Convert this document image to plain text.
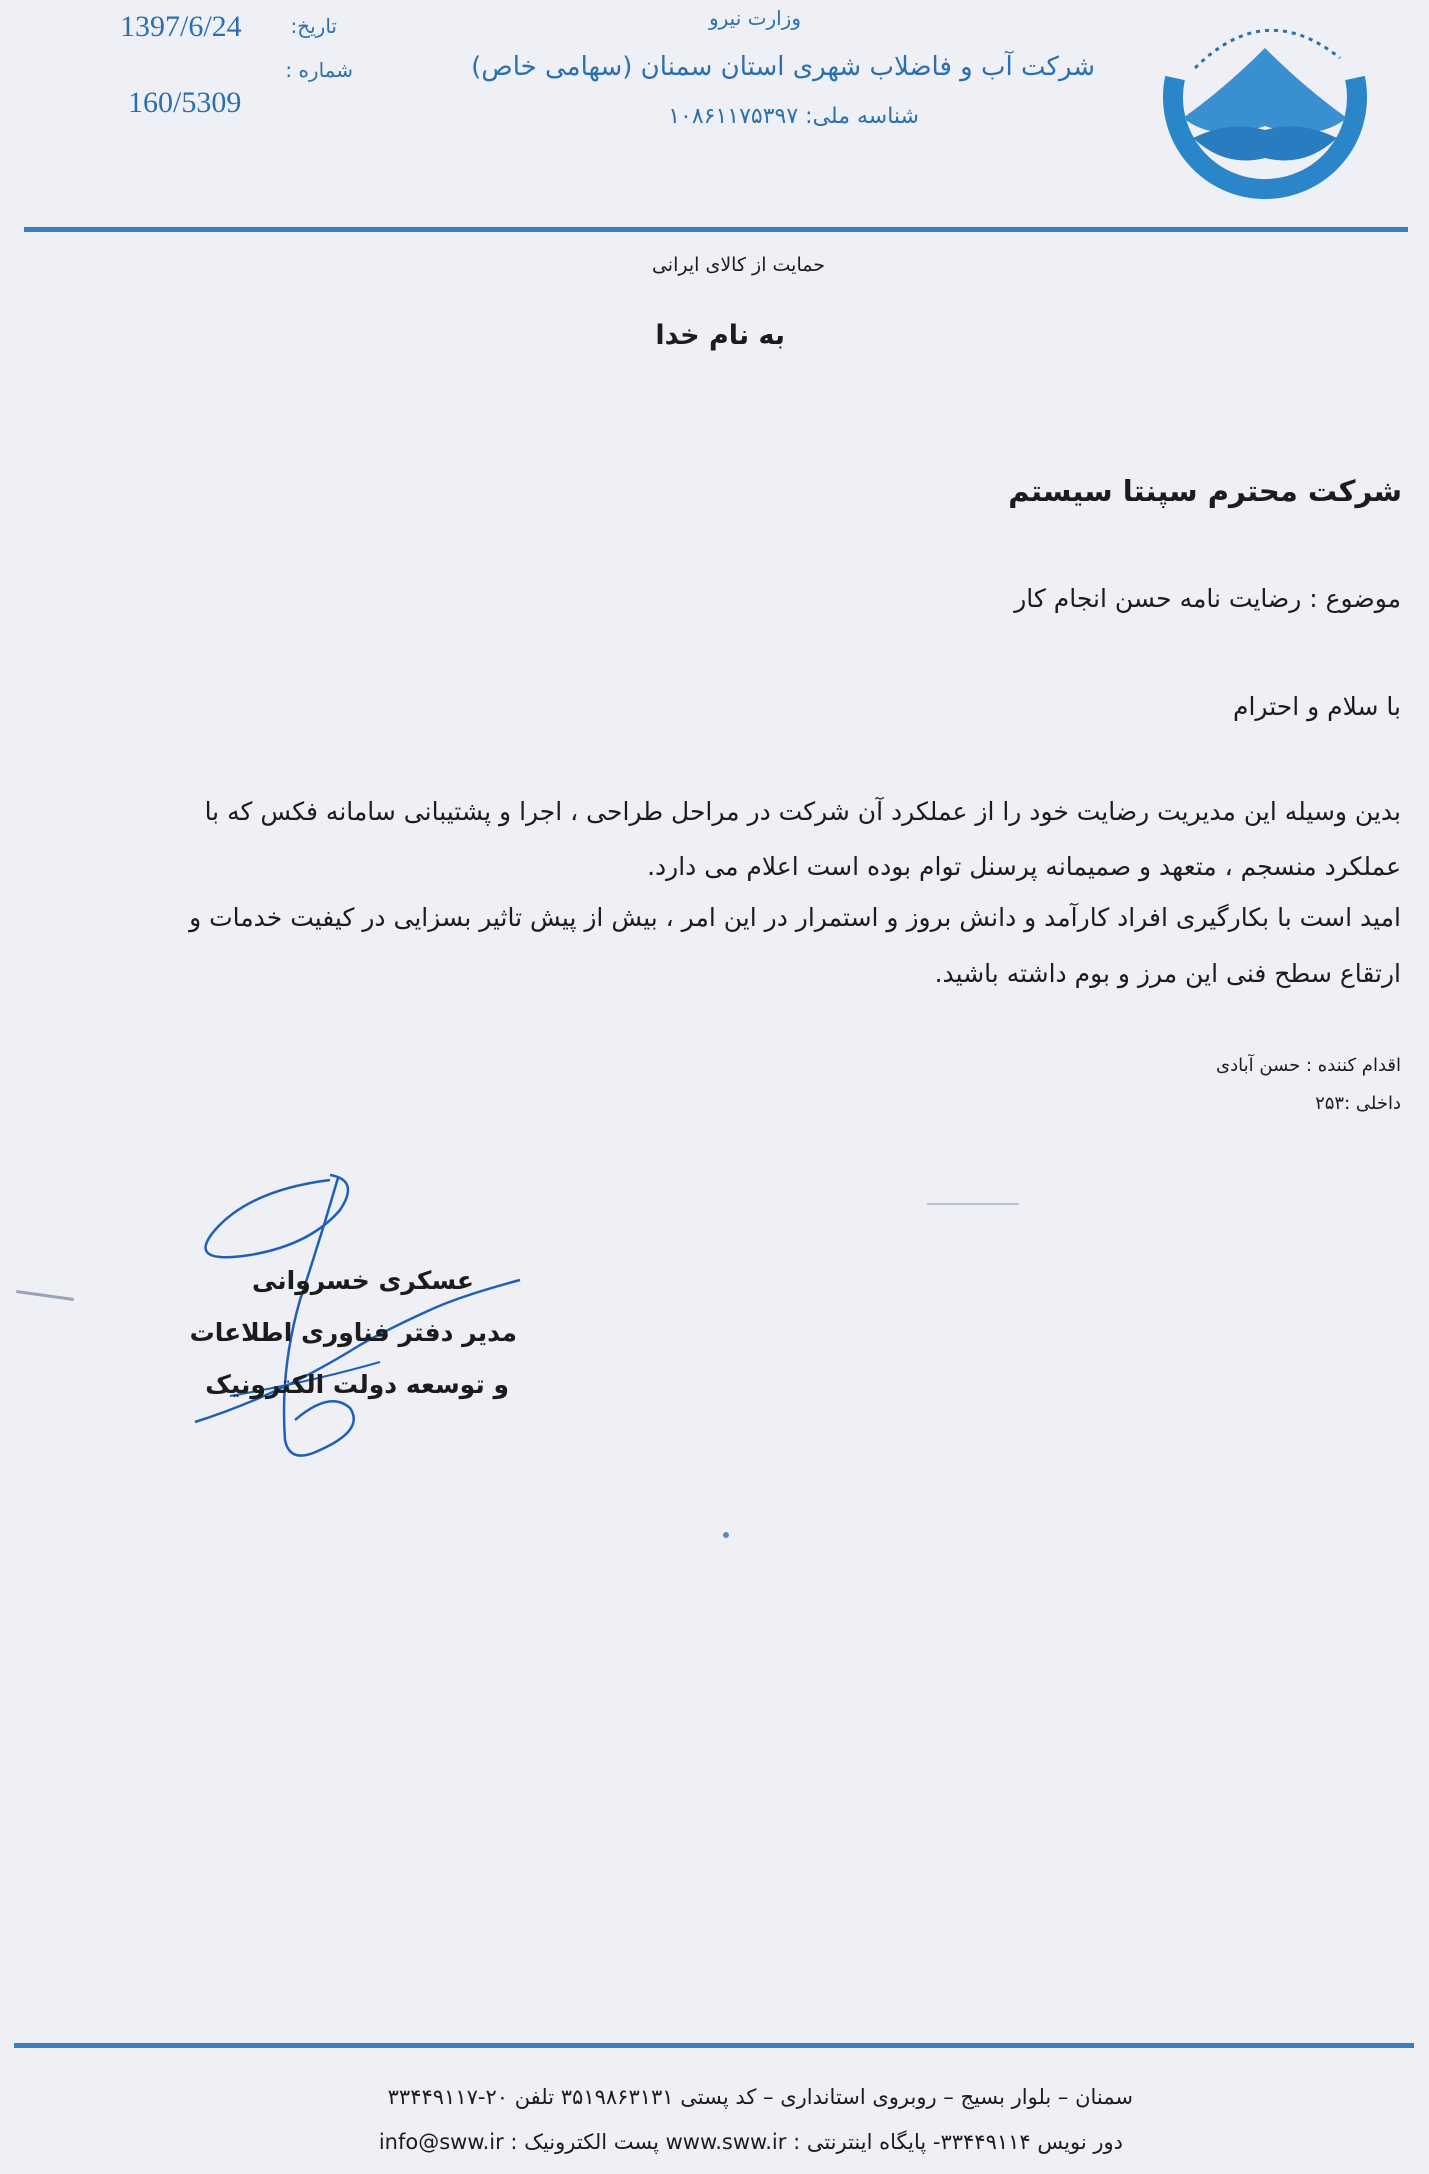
وزارت نیرو
شرکت آب و فاضلاب شهری استان سمنان (سهامی خاص)
شناسه ملی: ۱۰۸۶۱۱۷۵۳۹۷
تاریخ:
شماره :
1397/6/24
160/5309
حمایت از کالای ایرانی
به نام خدا
شرکت محترم سپنتا سیستم
موضوع : رضایت نامه حسن انجام کار
با سلام و احترام
بدین وسیله این مدیریت رضایت خود را از عملکرد آن شرکت در مراحل طراحی ، اجرا و پشتیبانی سامانه فکس که با
عملکرد منسجم ، متعهد و صمیمانه پرسنل توام بوده است اعلام می دارد.
امید است با بکارگیری افراد کارآمد و دانش بروز و استمرار در این امر ، بیش از پیش تاثیر بسزایی در کیفیت خدمات و
ارتقاع سطح فنی این مرز و بوم داشته باشید.
اقدام کننده : حسن آبادی
داخلی :۲۵۳
عسکری خسروانی
مدیر دفتر فناوری اطلاعات
و توسعه دولت الکترونیک
سمنان – بلوار بسیج – روبروی استانداری – کد پستی ۳۵۱۹۸۶۳۱۳۱ تلفن ۲۰-۳۳۴۴۹۱۱۷
دور نویس ۳۳۴۴۹۱۱۴- پایگاه اینترنتی : www.sww.ir پست الکترونیک : info@sww.ir
